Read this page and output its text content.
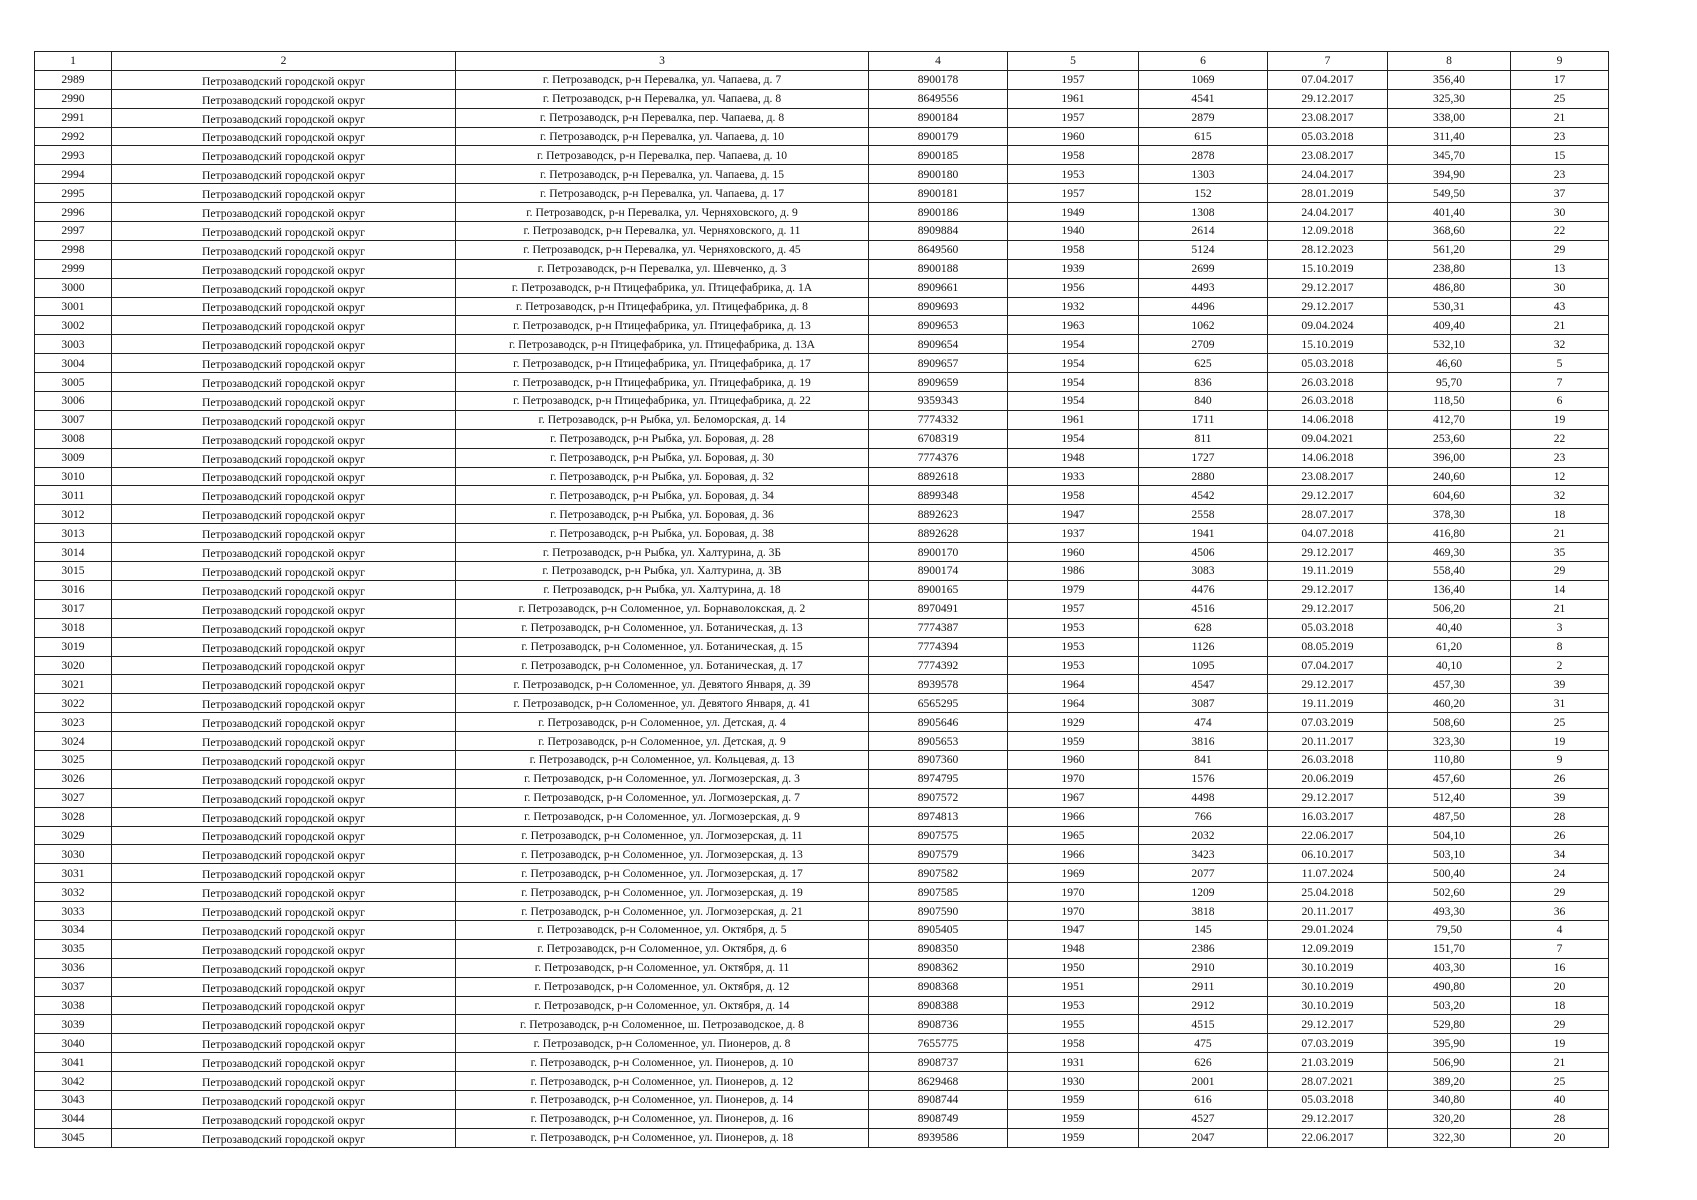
1	2	3	4	5	6	7	8	9
2989	Петрозаводский городской округ	г. Петрозаводск, р-н Перевалка, ул. Чапаева, д. 7	8900178	1957	1069	07.04.2017	356,40	17
2990	Петрозаводский городской округ	г. Петрозаводск, р-н Перевалка, ул. Чапаева, д. 8	8649556	1961	4541	29.12.2017	325,30	25
2991	Петрозаводский городской округ	г. Петрозаводск, р-н Перевалка, пер. Чапаева, д. 8	8900184	1957	2879	23.08.2017	338,00	21
2992	Петрозаводский городской округ	г. Петрозаводск, р-н Перевалка, ул. Чапаева, д. 10	8900179	1960	615	05.03.2018	311,40	23
2993	Петрозаводский городской округ	г. Петрозаводск, р-н Перевалка, пер. Чапаева, д. 10	8900185	1958	2878	23.08.2017	345,70	15
2994	Петрозаводский городской округ	г. Петрозаводск, р-н Перевалка, ул. Чапаева, д. 15	8900180	1953	1303	24.04.2017	394,90	23
2995	Петрозаводский городской округ	г. Петрозаводск, р-н Перевалка, ул. Чапаева, д. 17	8900181	1957	152	28.01.2019	549,50	37
2996	Петрозаводский городской округ	г. Петрозаводск, р-н Перевалка, ул. Черняховского, д. 9	8900186	1949	1308	24.04.2017	401,40	30
2997	Петрозаводский городской округ	г. Петрозаводск, р-н Перевалка, ул. Черняховского, д. 11	8909884	1940	2614	12.09.2018	368,60	22
2998	Петрозаводский городской округ	г. Петрозаводск, р-н Перевалка, ул. Черняховского, д. 45	8649560	1958	5124	28.12.2023	561,20	29
2999	Петрозаводский городской округ	г. Петрозаводск, р-н Перевалка, ул. Шевченко, д. 3	8900188	1939	2699	15.10.2019	238,80	13
3000	Петрозаводский городской округ	г. Петрозаводск, р-н Птицефабрика, ул. Птицефабрика, д. 1А	8909661	1956	4493	29.12.2017	486,80	30
3001	Петрозаводский городской округ	г. Петрозаводск, р-н Птицефабрика, ул. Птицефабрика, д. 8	8909693	1932	4496	29.12.2017	530,31	43
3002	Петрозаводский городской округ	г. Петрозаводск, р-н Птицефабрика, ул. Птицефабрика, д. 13	8909653	1963	1062	09.04.2024	409,40	21
3003	Петрозаводский городской округ	г. Петрозаводск, р-н Птицефабрика, ул. Птицефабрика, д. 13А	8909654	1954	2709	15.10.2019	532,10	32
3004	Петрозаводский городской округ	г. Петрозаводск, р-н Птицефабрика, ул. Птицефабрика, д. 17	8909657	1954	625	05.03.2018	46,60	5
3005	Петрозаводский городской округ	г. Петрозаводск, р-н Птицефабрика, ул. Птицефабрика, д. 19	8909659	1954	836	26.03.2018	95,70	7
3006	Петрозаводский городской округ	г. Петрозаводск, р-н Птицефабрика, ул. Птицефабрика, д. 22	9359343	1954	840	26.03.2018	118,50	6
3007	Петрозаводский городской округ	г. Петрозаводск, р-н Рыбка, ул. Беломорская, д. 14	7774332	1961	1711	14.06.2018	412,70	19
3008	Петрозаводский городской округ	г. Петрозаводск, р-н Рыбка, ул. Боровая, д. 28	6708319	1954	811	09.04.2021	253,60	22
3009	Петрозаводский городской округ	г. Петрозаводск, р-н Рыбка, ул. Боровая, д. 30	7774376	1948	1727	14.06.2018	396,00	23
3010	Петрозаводский городской округ	г. Петрозаводск, р-н Рыбка, ул. Боровая, д. 32	8892618	1933	2880	23.08.2017	240,60	12
3011	Петрозаводский городской округ	г. Петрозаводск, р-н Рыбка, ул. Боровая, д. 34	8899348	1958	4542	29.12.2017	604,60	32
3012	Петрозаводский городской округ	г. Петрозаводск, р-н Рыбка, ул. Боровая, д. 36	8892623	1947	2558	28.07.2017	378,30	18
3013	Петрозаводский городской округ	г. Петрозаводск, р-н Рыбка, ул. Боровая, д. 38	8892628	1937	1941	04.07.2018	416,80	21
3014	Петрозаводский городской округ	г. Петрозаводск, р-н Рыбка, ул. Халтурина, д. 3Б	8900170	1960	4506	29.12.2017	469,30	35
3015	Петрозаводский городской округ	г. Петрозаводск, р-н Рыбка, ул. Халтурина, д. 3В	8900174	1986	3083	19.11.2019	558,40	29
3016	Петрозаводский городской округ	г. Петрозаводск, р-н Рыбка, ул. Халтурина, д. 18	8900165	1979	4476	29.12.2017	136,40	14
3017	Петрозаводский городской округ	г. Петрозаводск, р-н Соломенное, ул. Борнаволокская, д. 2	8970491	1957	4516	29.12.2017	506,20	21
3018	Петрозаводский городской округ	г. Петрозаводск, р-н Соломенное, ул. Ботаническая, д. 13	7774387	1953	628	05.03.2018	40,40	3
3019	Петрозаводский городской округ	г. Петрозаводск, р-н Соломенное, ул. Ботаническая, д. 15	7774394	1953	1126	08.05.2019	61,20	8
3020	Петрозаводский городской округ	г. Петрозаводск, р-н Соломенное, ул. Ботаническая, д. 17	7774392	1953	1095	07.04.2017	40,10	2
3021	Петрозаводский городской округ	г. Петрозаводск, р-н Соломенное, ул. Девятого Января, д. 39	8939578	1964	4547	29.12.2017	457,30	39
3022	Петрозаводский городской округ	г. Петрозаводск, р-н Соломенное, ул. Девятого Января, д. 41	6565295	1964	3087	19.11.2019	460,20	31
3023	Петрозаводский городской округ	г. Петрозаводск, р-н Соломенное, ул. Детская, д. 4	8905646	1929	474	07.03.2019	508,60	25
3024	Петрозаводский городской округ	г. Петрозаводск, р-н Соломенное, ул. Детская, д. 9	8905653	1959	3816	20.11.2017	323,30	19
3025	Петрозаводский городской округ	г. Петрозаводск, р-н Соломенное, ул. Кольцевая, д. 13	8907360	1960	841	26.03.2018	110,80	9
3026	Петрозаводский городской округ	г. Петрозаводск, р-н Соломенное, ул. Логмозерская, д. 3	8974795	1970	1576	20.06.2019	457,60	26
3027	Петрозаводский городской округ	г. Петрозаводск, р-н Соломенное, ул. Логмозерская, д. 7	8907572	1967	4498	29.12.2017	512,40	39
3028	Петрозаводский городской округ	г. Петрозаводск, р-н Соломенное, ул. Логмозерская, д. 9	8974813	1966	766	16.03.2017	487,50	28
3029	Петрозаводский городской округ	г. Петрозаводск, р-н Соломенное, ул. Логмозерская, д. 11	8907575	1965	2032	22.06.2017	504,10	26
3030	Петрозаводский городской округ	г. Петрозаводск, р-н Соломенное, ул. Логмозерская, д. 13	8907579	1966	3423	06.10.2017	503,10	34
3031	Петрозаводский городской округ	г. Петрозаводск, р-н Соломенное, ул. Логмозерская, д. 17	8907582	1969	2077	11.07.2024	500,40	24
3032	Петрозаводский городской округ	г. Петрозаводск, р-н Соломенное, ул. Логмозерская, д. 19	8907585	1970	1209	25.04.2018	502,60	29
3033	Петрозаводский городской округ	г. Петрозаводск, р-н Соломенное, ул. Логмозерская, д. 21	8907590	1970	3818	20.11.2017	493,30	36
3034	Петрозаводский городской округ	г. Петрозаводск, р-н Соломенное, ул. Октября, д. 5	8905405	1947	145	29.01.2024	79,50	4
3035	Петрозаводский городской округ	г. Петрозаводск, р-н Соломенное, ул. Октября, д. 6	8908350	1948	2386	12.09.2019	151,70	7
3036	Петрозаводский городской округ	г. Петрозаводск, р-н Соломенное, ул. Октября, д. 11	8908362	1950	2910	30.10.2019	403,30	16
3037	Петрозаводский городской округ	г. Петрозаводск, р-н Соломенное, ул. Октября, д. 12	8908368	1951	2911	30.10.2019	490,80	20
3038	Петрозаводский городской округ	г. Петрозаводск, р-н Соломенное, ул. Октября, д. 14	8908388	1953	2912	30.10.2019	503,20	18
3039	Петрозаводский городской округ	г. Петрозаводск, р-н Соломенное, ш. Петрозаводское, д. 8	8908736	1955	4515	29.12.2017	529,80	29
3040	Петрозаводский городской округ	г. Петрозаводск, р-н Соломенное, ул. Пионеров, д. 8	7655775	1958	475	07.03.2019	395,90	19
3041	Петрозаводский городской округ	г. Петрозаводск, р-н Соломенное, ул. Пионеров, д. 10	8908737	1931	626	21.03.2019	506,90	21
3042	Петрозаводский городской округ	г. Петрозаводск, р-н Соломенное, ул. Пионеров, д. 12	8629468	1930	2001	28.07.2021	389,20	25
3043	Петрозаводский городской округ	г. Петрозаводск, р-н Соломенное, ул. Пионеров, д. 14	8908744	1959	616	05.03.2018	340,80	40
3044	Петрозаводский городской округ	г. Петрозаводск, р-н Соломенное, ул. Пионеров, д. 16	8908749	1959	4527	29.12.2017	320,20	28
3045	Петрозаводский городской округ	г. Петрозаводск, р-н Соломенное, ул. Пионеров, д. 18	8939586	1959	2047	22.06.2017	322,30	20
